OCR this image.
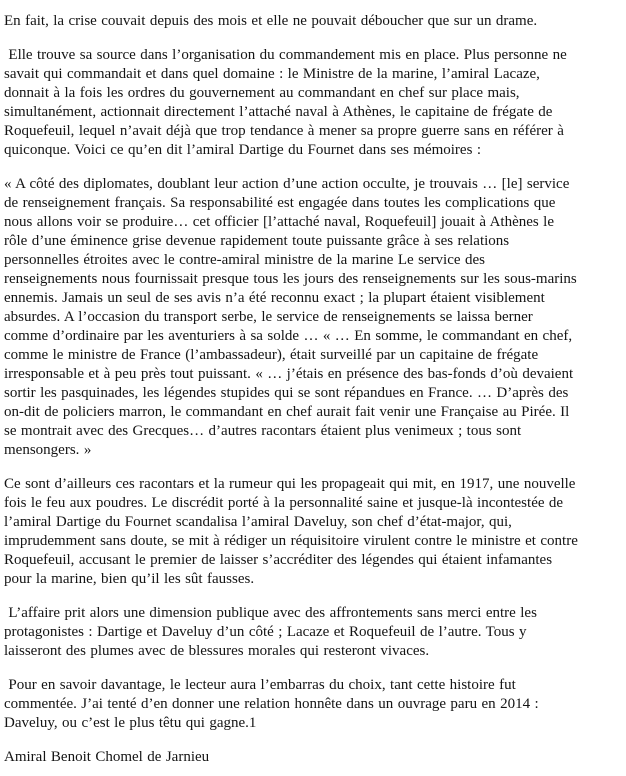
En fait, la crise couvait depuis des mois et elle ne pouvait déboucher que sur un drame.

Elle trouve sa source dans l’organisation du commandement mis en place. Plus personne ne
savait qui commandait et dans quel domaine : le Ministre de la marine, l’amiral Lacaze,
donnait à la fois les ordres du gouvernement au commandant en chef sur place mais,
simultanément, actionnait directement l’attaché naval à Athènes, le capitaine de frégate de
Roquefeuil, lequel n’avait déjà que trop tendance à mener sa propre guerre sans en référer à
quiconque. Voici ce qu’en dit l’amiral Dartige du Fournet dans ses mémoires :

« A côté des diplomates, doublant leur action d’une action occulte, je trouvais … [le] service
de renseignement français. Sa responsabilité est engagée dans toutes les complications que
nous allons voir se produire… cet officier [l’attaché naval, Roquefeuil] jouait à Athènes le
rôle d’une éminence grise devenue rapidement toute puissante grâce à ses relations
personnelles étroites avec le contre-amiral ministre de la marine Le service des
renseignements nous fournissait presque tous les jours des renseignements sur les sous-marins
ennemis. Jamais un seul de ses avis n’a été reconnu exact ; la plupart étaient visiblement
absurdes. A l’occasion du transport serbe, le service de renseignements se laissa berner
comme d’ordinaire par les aventuriers à sa solde … « … En somme, le commandant en chef,
comme le ministre de France (l’ambassadeur), était surveillé par un capitaine de frégate
irresponsable et à peu près tout puissant. « … j’étais en présence des bas-fonds d’où devaient
sortir les pasquinades, les légendes stupides qui se sont répandues en France. … D’après des
on-dit de policiers marron, le commandant en chef aurait fait venir une Française au Pirée. Il
se montrait avec des Grecques… d’autres racontars étaient plus venimeux ; tous sont
mensongers. »

Ce sont d’ailleurs ces racontars et la rumeur qui les propageait qui mit, en 1917, une nouvelle
fois le feu aux poudres. Le discrédit porté à la personnalité saine et jusque-là incontestée de
l’amiral Dartige du Fournet scandalisa l’amiral Daveluy, son chef d’état-major, qui,
imprudemment sans doute, se mit à rédiger un réquisitoire virulent contre le ministre et contre
Roquefeuil, accusant le premier de laisser s’accréditer des légendes qui étaient infamantes
pour la marine, bien qu’il les sût fausses.

L’affaire prit alors une dimension publique avec des affrontements sans merci entre les
protagonistes : Dartige et Daveluy d’un côté ; Lacaze et Roquefeuil de l’autre. Tous y
laisseront des plumes avec de blessures morales qui resteront vivaces.

Pour en savoir davantage, le lecteur aura l’embarras du choix, tant cette histoire fut
commentée. J’ai tenté d’en donner une relation honnête dans un ouvrage paru en 2014 :
Daveluy, ou c’est le plus têtu qui gagne.1

Amiral Benoit Chomel de Jarnieu
